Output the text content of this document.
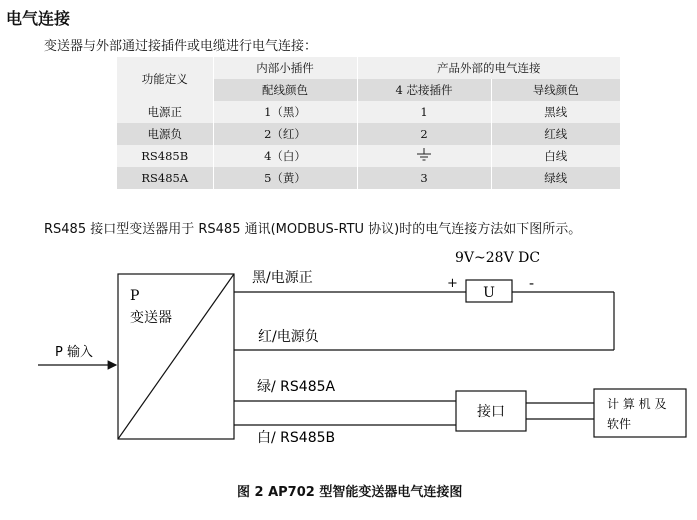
电气连接
变送器与外部通过接插件或电缆进行电气连接：
功能定义	内部小插件	产品外部的电气连接	
	配线颜色	4 芯接插件	导线颜色
电源正	1（黑）	1	黑线
电源负	2（红）	2	红线
RS485B	4（白）		白线
RS485A	5（黄）	3	绿线
RS485 接口型变送器用于 RS485 通讯(MODBUS-RTU 协议)时的电气连接方法如下图所示。
P
变送器
P 输入
9V~28V DC
+
U
-
黑/电源正
红/电源负
绿/ RS485A
白/ RS485B
接口	计 算 机 及
软件
图 2 AP702 型智能变送器电气连接图
